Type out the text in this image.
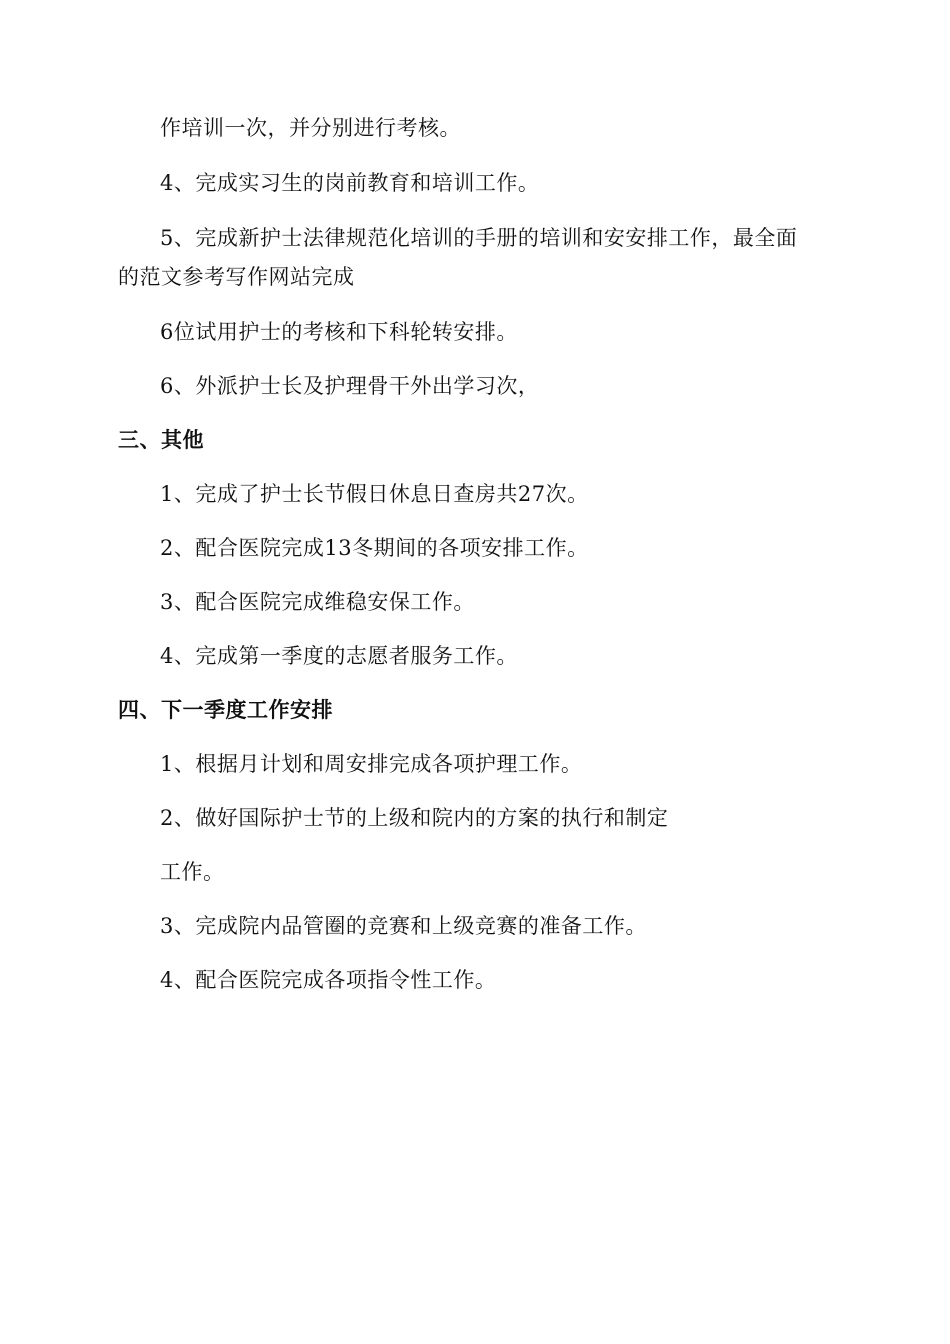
作培训一次，并分别进行考核。
4、完成实习生的岗前教育和培训工作。
5、完成新护士法律规范化培训的手册的培训和安安排工作，最全面
的范文参考写作网站完成
6位试用护士的考核和下科轮转安排。
6、外派护士长及护理骨干外出学习次，
三、其他
1、完成了护士长节假日休息日查房共27次。
2、配合医院完成13冬期间的各项安排工作。
3、配合医院完成维稳安保工作。
4、完成第一季度的志愿者服务工作。
四、下一季度工作安排
1、根据月计划和周安排完成各项护理工作。
2、做好国际护士节的上级和院内的方案的执行和制定
工作。
3、完成院内品管圈的竞赛和上级竞赛的准备工作。
4、配合医院完成各项指令性工作。
